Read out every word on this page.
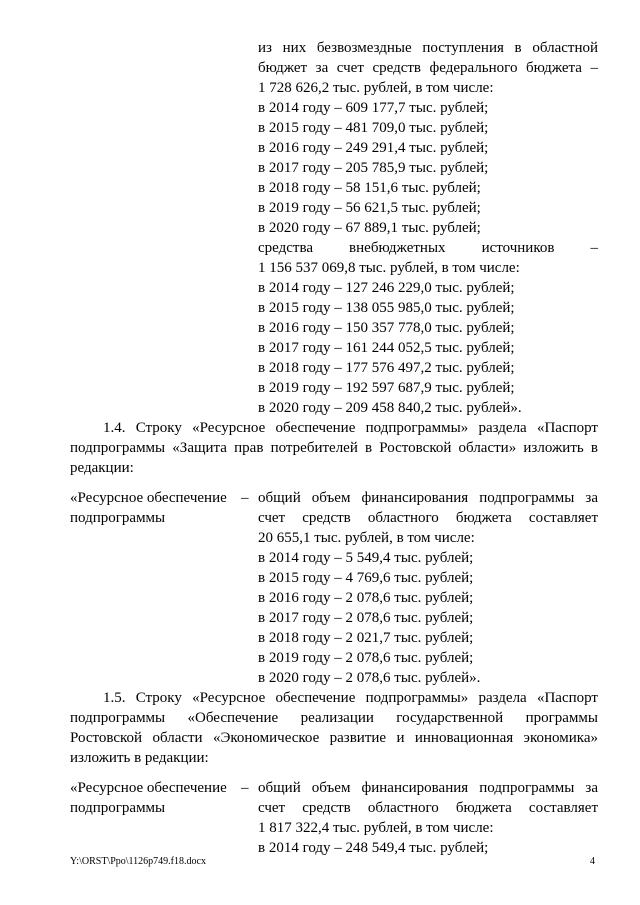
из них безвозмездные поступления в областной
бюджет за счет средств федерального бюджета –
1 728 626,2 тыс. рублей, в том числе:
в 2014 году – 609 177,7 тыс. рублей;
в 2015 году – 481 709,0 тыс. рублей;
в 2016 году – 249 291,4 тыс. рублей;
в 2017 году – 205 785,9 тыс. рублей;
в 2018 году – 58 151,6 тыс. рублей;
в 2019 году – 56 621,5 тыс. рублей;
в 2020 году – 67 889,1 тыс. рублей;
средства внебюджетных источников –
1 156 537 069,8 тыс. рублей, в том числе:
в 2014 году – 127 246 229,0 тыс. рублей;
в 2015 году – 138 055 985,0 тыс. рублей;
в 2016 году – 150 357 778,0 тыс. рублей;
в 2017 году – 161 244 052,5 тыс. рублей;
в 2018 году – 177 576 497,2 тыс. рублей;
в 2019 году – 192 597 687,9 тыс. рублей;
в 2020 году – 209 458 840,2 тыс. рублей».
1.4. Строку «Ресурсное обеспечение подпрограммы» раздела «Паспорт
подпрограммы «Защита прав потребителей в Ростовской области» изложить в
редакции:
«Ресурсное обеспечение
подпрограммы
– общий объем финансирования подпрограммы за
счет средств областного бюджета составляет
20 655,1 тыс. рублей, в том числе:
в 2014 году – 5 549,4 тыс. рублей;
в 2015 году – 4 769,6 тыс. рублей;
в 2016 году – 2 078,6 тыс. рублей;
в 2017 году – 2 078,6 тыс. рублей;
в 2018 году – 2 021,7 тыс. рублей;
в 2019 году – 2 078,6 тыс. рублей;
в 2020 году – 2 078,6 тыс. рублей».
1.5. Строку «Ресурсное обеспечение подпрограммы» раздела «Паспорт
подпрограммы «Обеспечение реализации государственной программы
Ростовской области «Экономическое развитие и инновационная экономика»
изложить в редакции:
«Ресурсное обеспечение
подпрограммы
– общий объем финансирования подпрограммы за
счет средств областного бюджета составляет
1 817 322,4 тыс. рублей, в том числе:
в 2014 году – 248 549,4 тыс. рублей;
Y:\ORST\Ppo\1126p749.f18.docx	4
